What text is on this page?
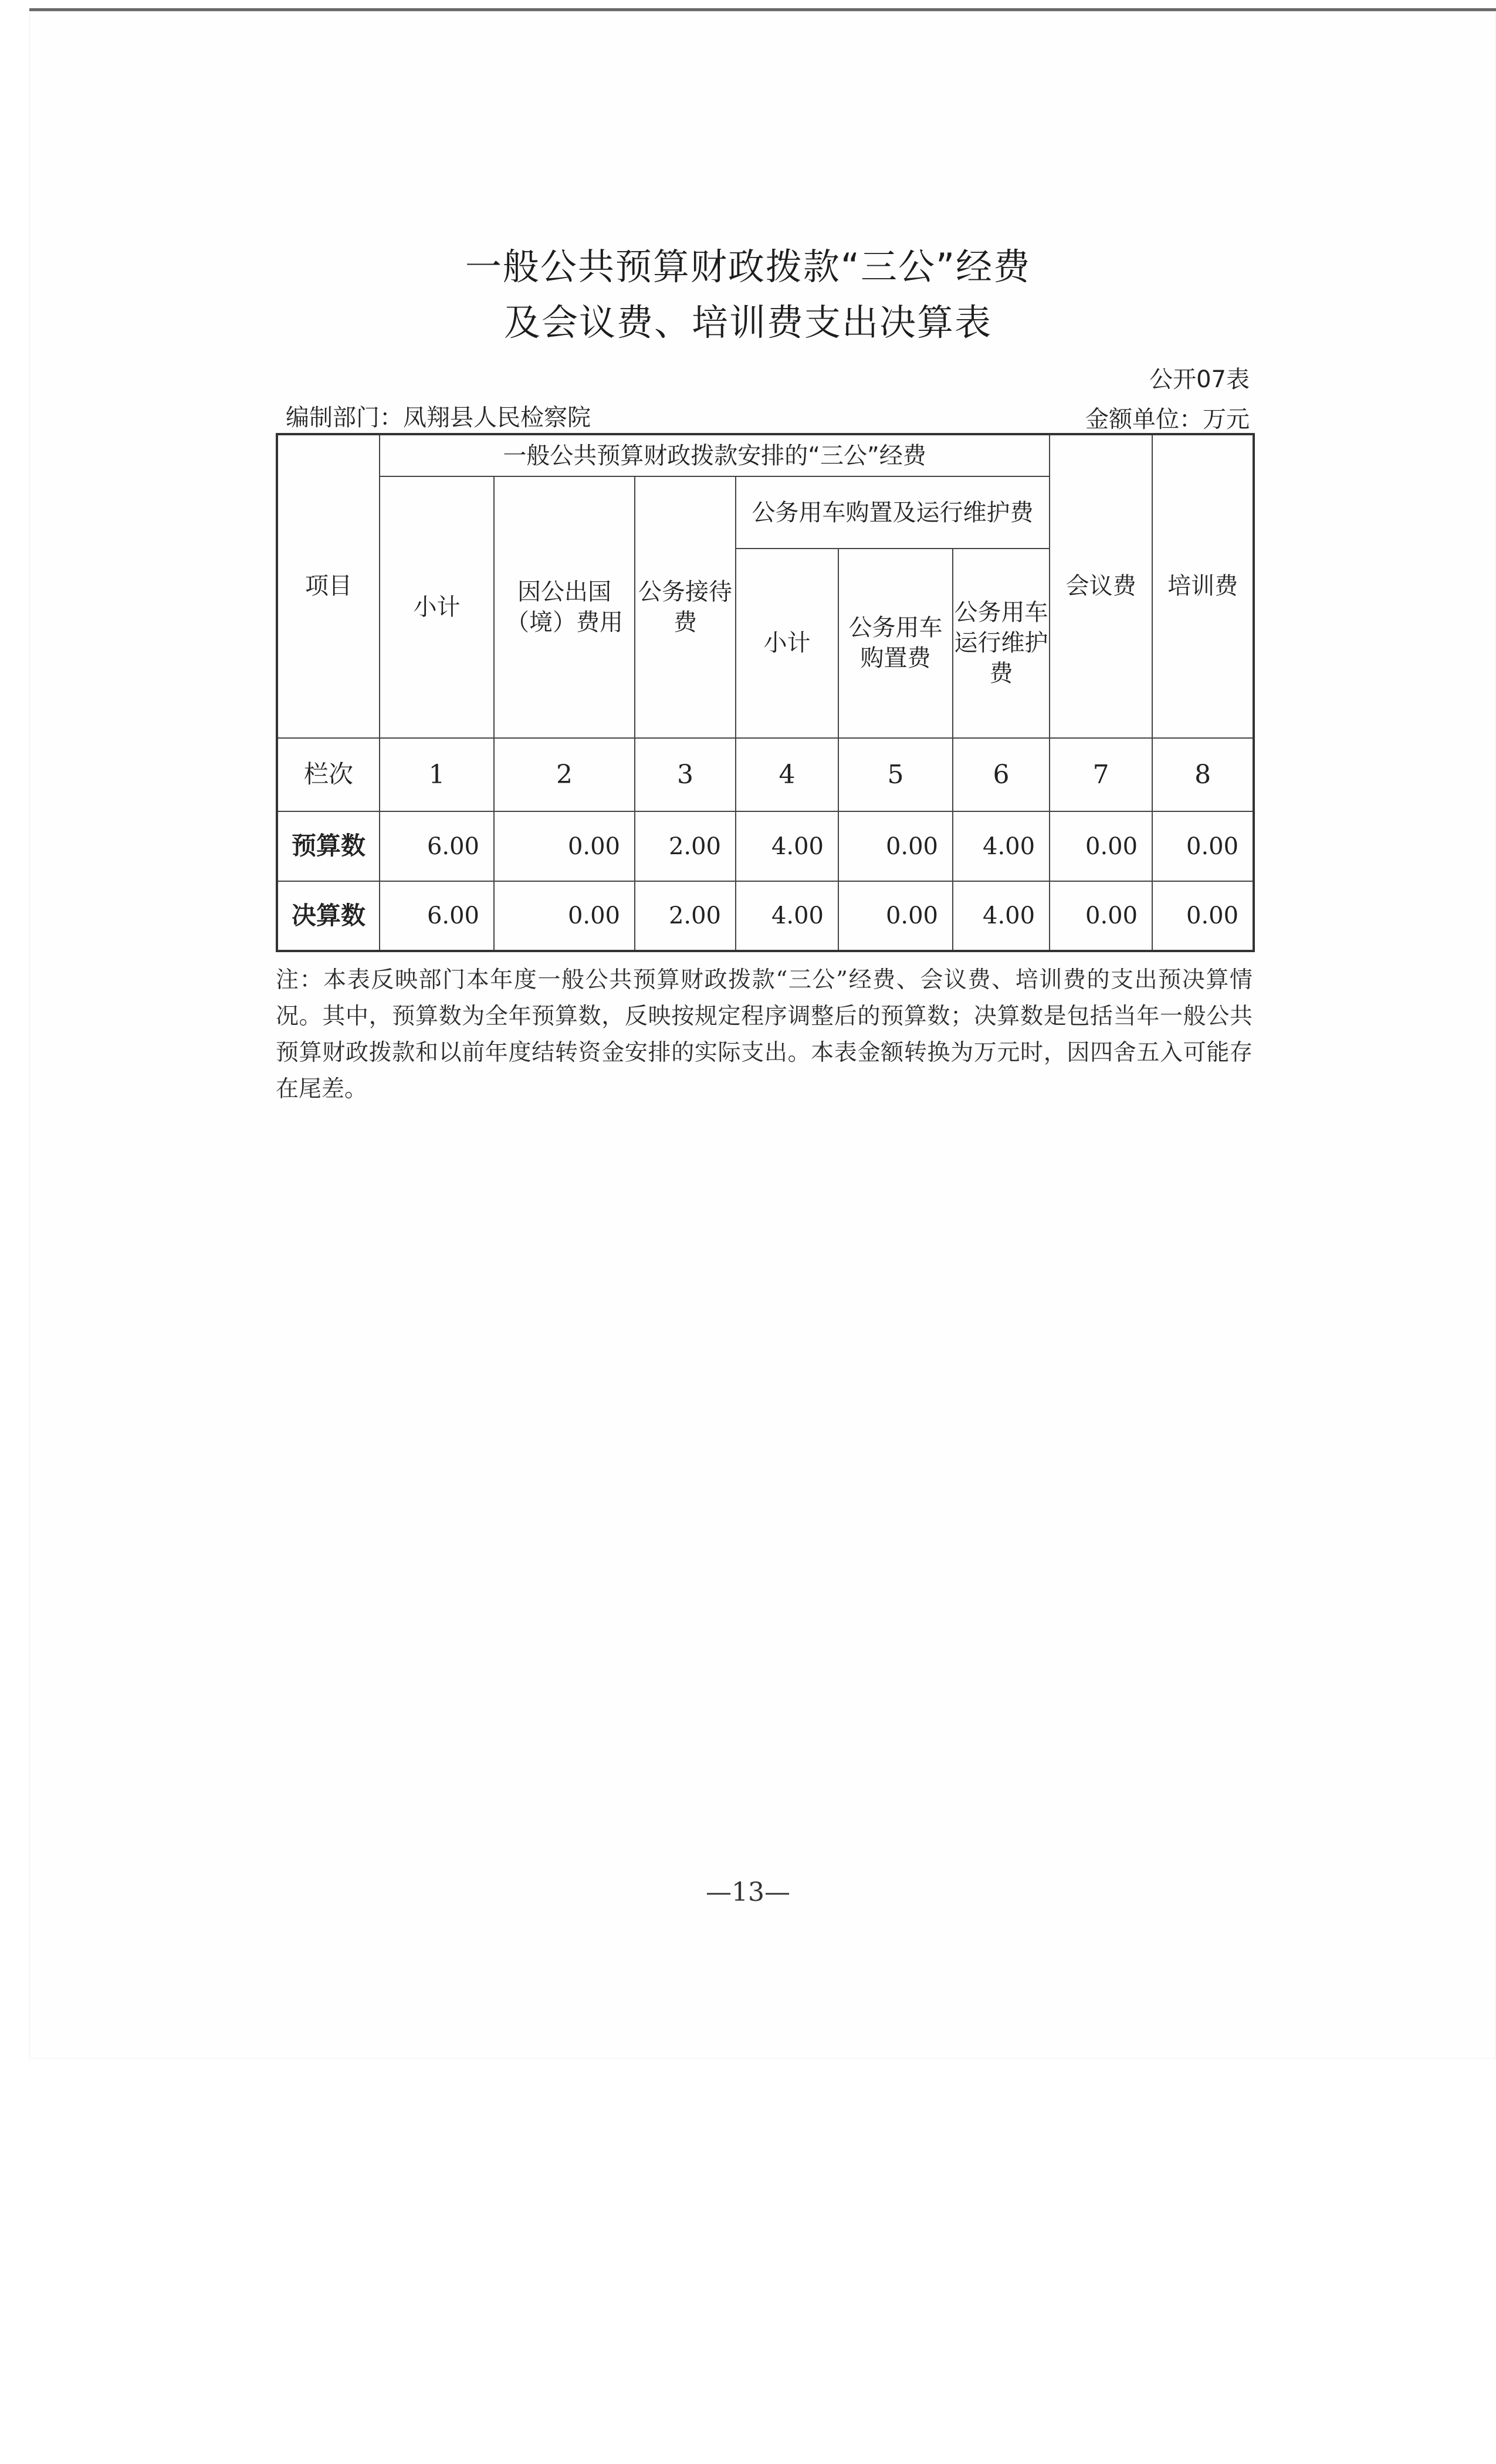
一般公共预算财政拨款“三公”经费
及会议费、培训费支出决算表
公开07表
编制部门：凤翔县人民检察院	金额单位：万元
项目	一般公共预算财政拨款安排的“三公”经费						会议费	培训费
	小计	因公出国（境）费用	公务接待费	公务用车购置及运行维护费				
				小计	公务用车购置费	公务用车运行维护费		

栏次	1	2	3	4	5	6	7	8
预算数	6.00	0.00	2.00	4.00	0.00	4.00	0.00	0.00
决算数	6.00	0.00	2.00	4.00	0.00	4.00	0.00	0.00
注：本表反映部门本年度一般公共预算财政拨款“三公”经费、会议费、培训费的支出预决算情况。其中，预算数为全年预算数，反映按规定程序调整后的预算数；决算数是包括当年一般公共预算财政拨款和以前年度结转资金安排的实际支出。本表金额转换为万元时，因四舍五入可能存在尾差。
—13—
